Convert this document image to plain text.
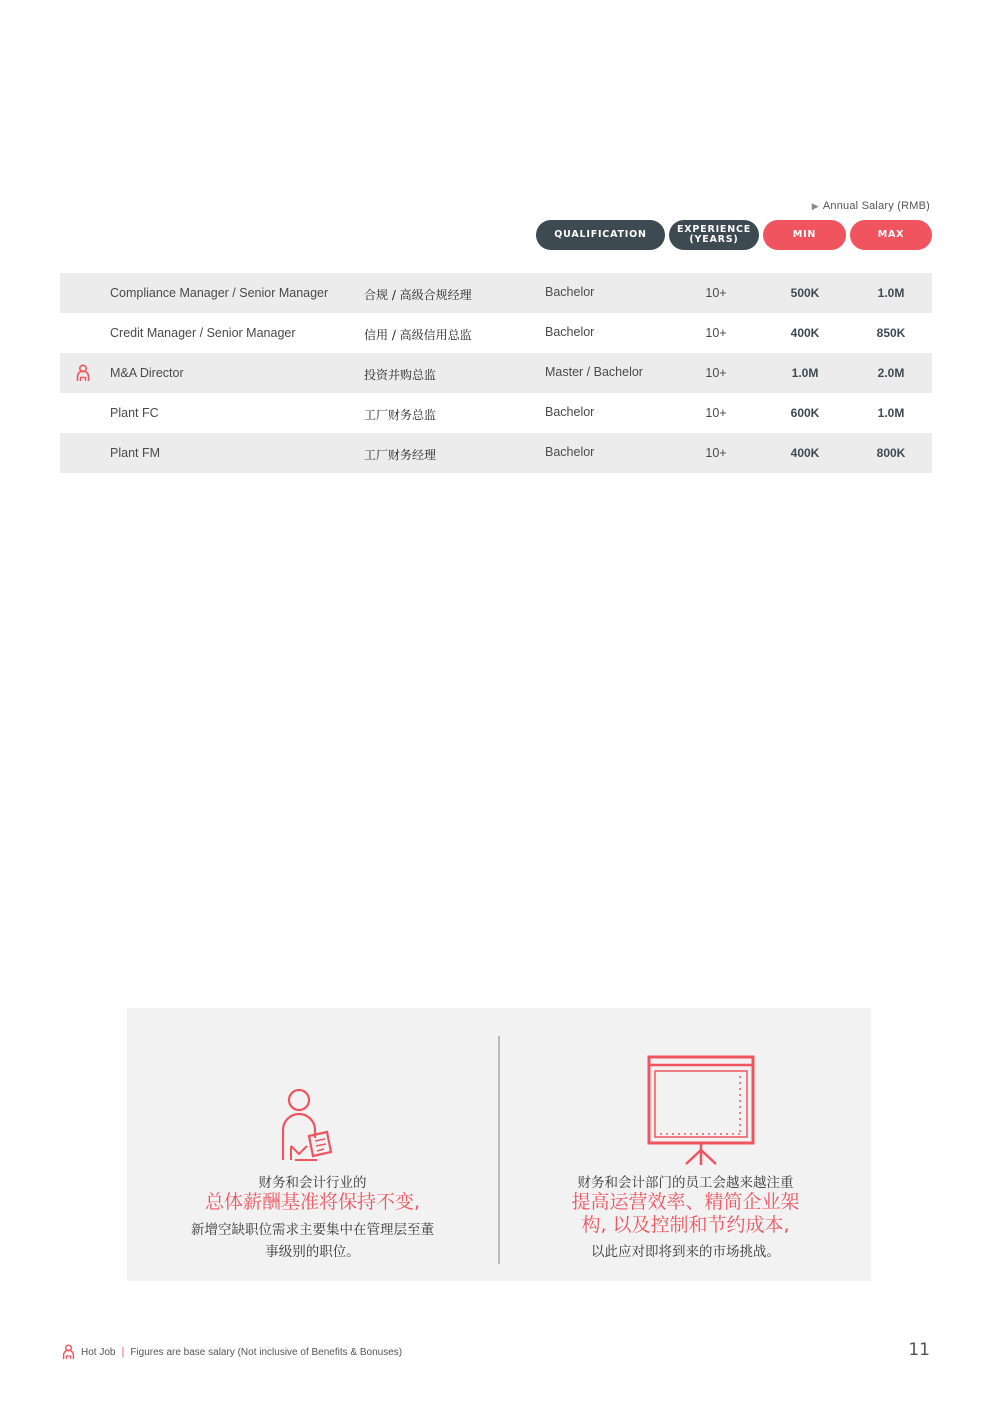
▶ Annual Salary (RMB)
QUALIFICATION	EXPERIENCE
(YEARS)	MIN	MAX
Compliance Manager / Senior Manager	合规 / 高级合规经理	Bachelor	10+	500K	1.0M
Credit Manager / Senior Manager	信用 / 高级信用总监	Bachelor	10+	400K	850K
M&A Director	投资并购总监	Master / Bachelor	10+	1.0M	2.0M
Plant FC	工厂财务总监	Bachelor	10+	600K	1.0M
Plant FM	工厂财务经理	Bachelor	10+	400K	800K
财务和会计行业的
总体薪酬基准将保持不变,
新增空缺职位需求主要集中在管理层至董
事级别的职位。
财务和会计部门的员工会越来越注重
提高运营效率、精简企业架
构, 以及控制和节约成本,
以此应对即将到来的市场挑战。
Hot Job | Figures are base salary (Not inclusive of Benefits & Bonuses)	11
